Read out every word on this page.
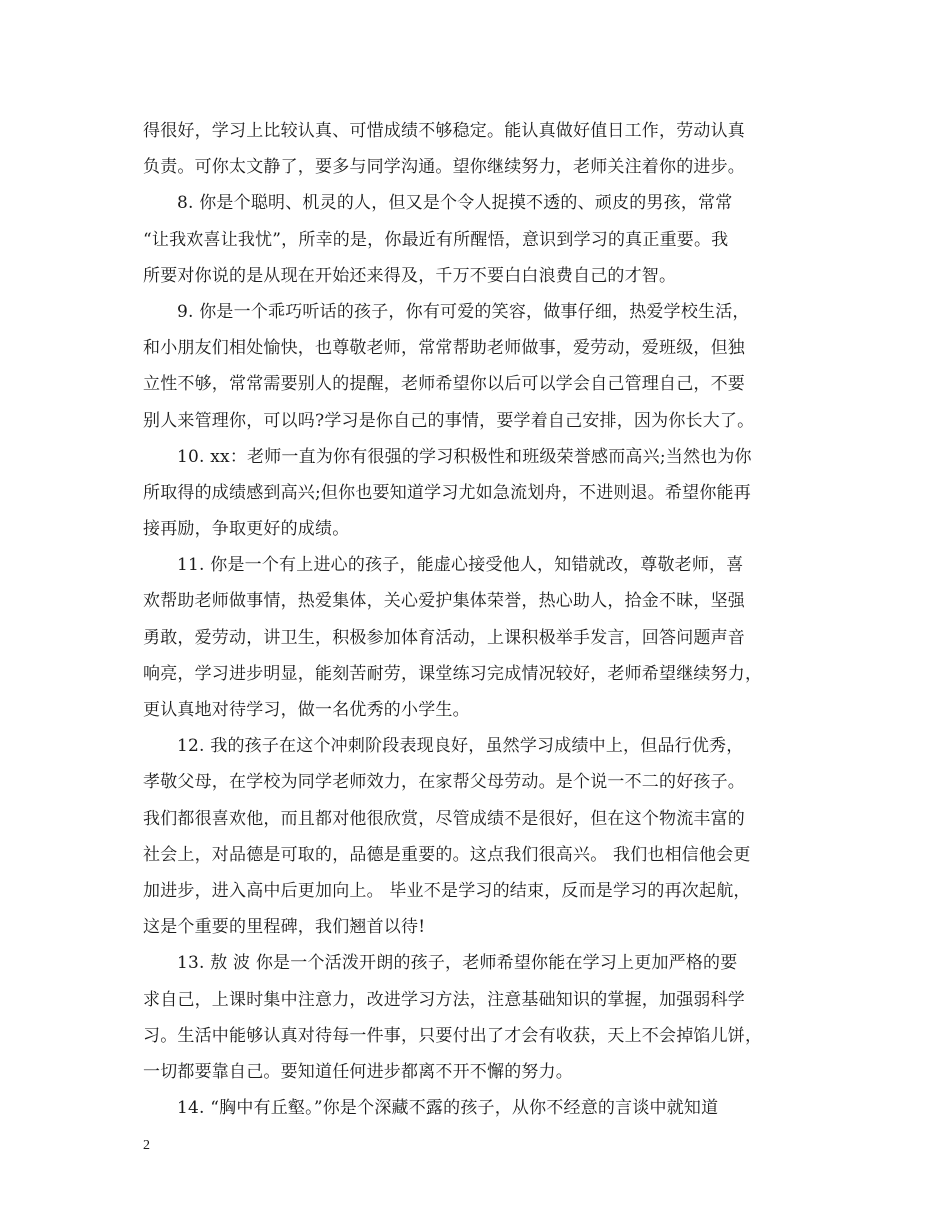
得很好，学习上比较认真、可惜成绩不够稳定。能认真做好值日工作，劳动认真
负责。可你太文静了，要多与同学沟通。望你继续努力，老师关注着你的进步。
8. 你是个聪明、机灵的人，但又是个令人捉摸不透的、顽皮的男孩，常常
“让我欢喜让我忧”，所幸的是，你最近有所醒悟，意识到学习的真正重要。我
所要对你说的是从现在开始还来得及，千万不要白白浪费自己的才智。
9. 你是一个乖巧听话的孩子，你有可爱的笑容，做事仔细，热爱学校生活，
和小朋友们相处愉快，也尊敬老师，常常帮助老师做事，爱劳动，爱班级，但独
立性不够，常常需要别人的提醒，老师希望你以后可以学会自己管理自己，不要
别人来管理你，可以吗?学习是你自己的事情，要学着自己安排，因为你长大了。
10. xx：老师一直为你有很强的学习积极性和班级荣誉感而高兴;当然也为你
所取得的成绩感到高兴;但你也要知道学习尤如急流划舟，不进则退。希望你能再
接再励，争取更好的成绩。
11. 你是一个有上进心的孩子，能虚心接受他人，知错就改，尊敬老师，喜
欢帮助老师做事情，热爱集体，关心爱护集体荣誉，热心助人，拾金不昧，坚强
勇敢，爱劳动，讲卫生，积极参加体育活动，上课积极举手发言，回答问题声音
响亮，学习进步明显，能刻苦耐劳，课堂练习完成情况较好，老师希望继续努力，
更认真地对待学习，做一名优秀的小学生。
12. 我的孩子在这个冲刺阶段表现良好，虽然学习成绩中上，但品行优秀，
孝敬父母，在学校为同学老师效力，在家帮父母劳动。是个说一不二的好孩子。
我们都很喜欢他，而且都对他很欣赏，尽管成绩不是很好，但在这个物流丰富的
社会上，对品德是可取的，品德是重要的。这点我们很高兴。 我们也相信他会更
加进步，进入高中后更加向上。 毕业不是学习的结束，反而是学习的再次起航，
这是个重要的里程碑，我们翘首以待!
13. 敖 波 你是一个活泼开朗的孩子，老师希望你能在学习上更加严格的要
求自己，上课时集中注意力，改进学习方法，注意基础知识的掌握，加强弱科学
习。生活中能够认真对待每一件事，只要付出了才会有收获，天上不会掉馅儿饼，
一切都要靠自己。要知道任何进步都离不开不懈的努力。
14. “胸中有丘壑。”你是个深藏不露的孩子，从你不经意的言谈中就知道
2
